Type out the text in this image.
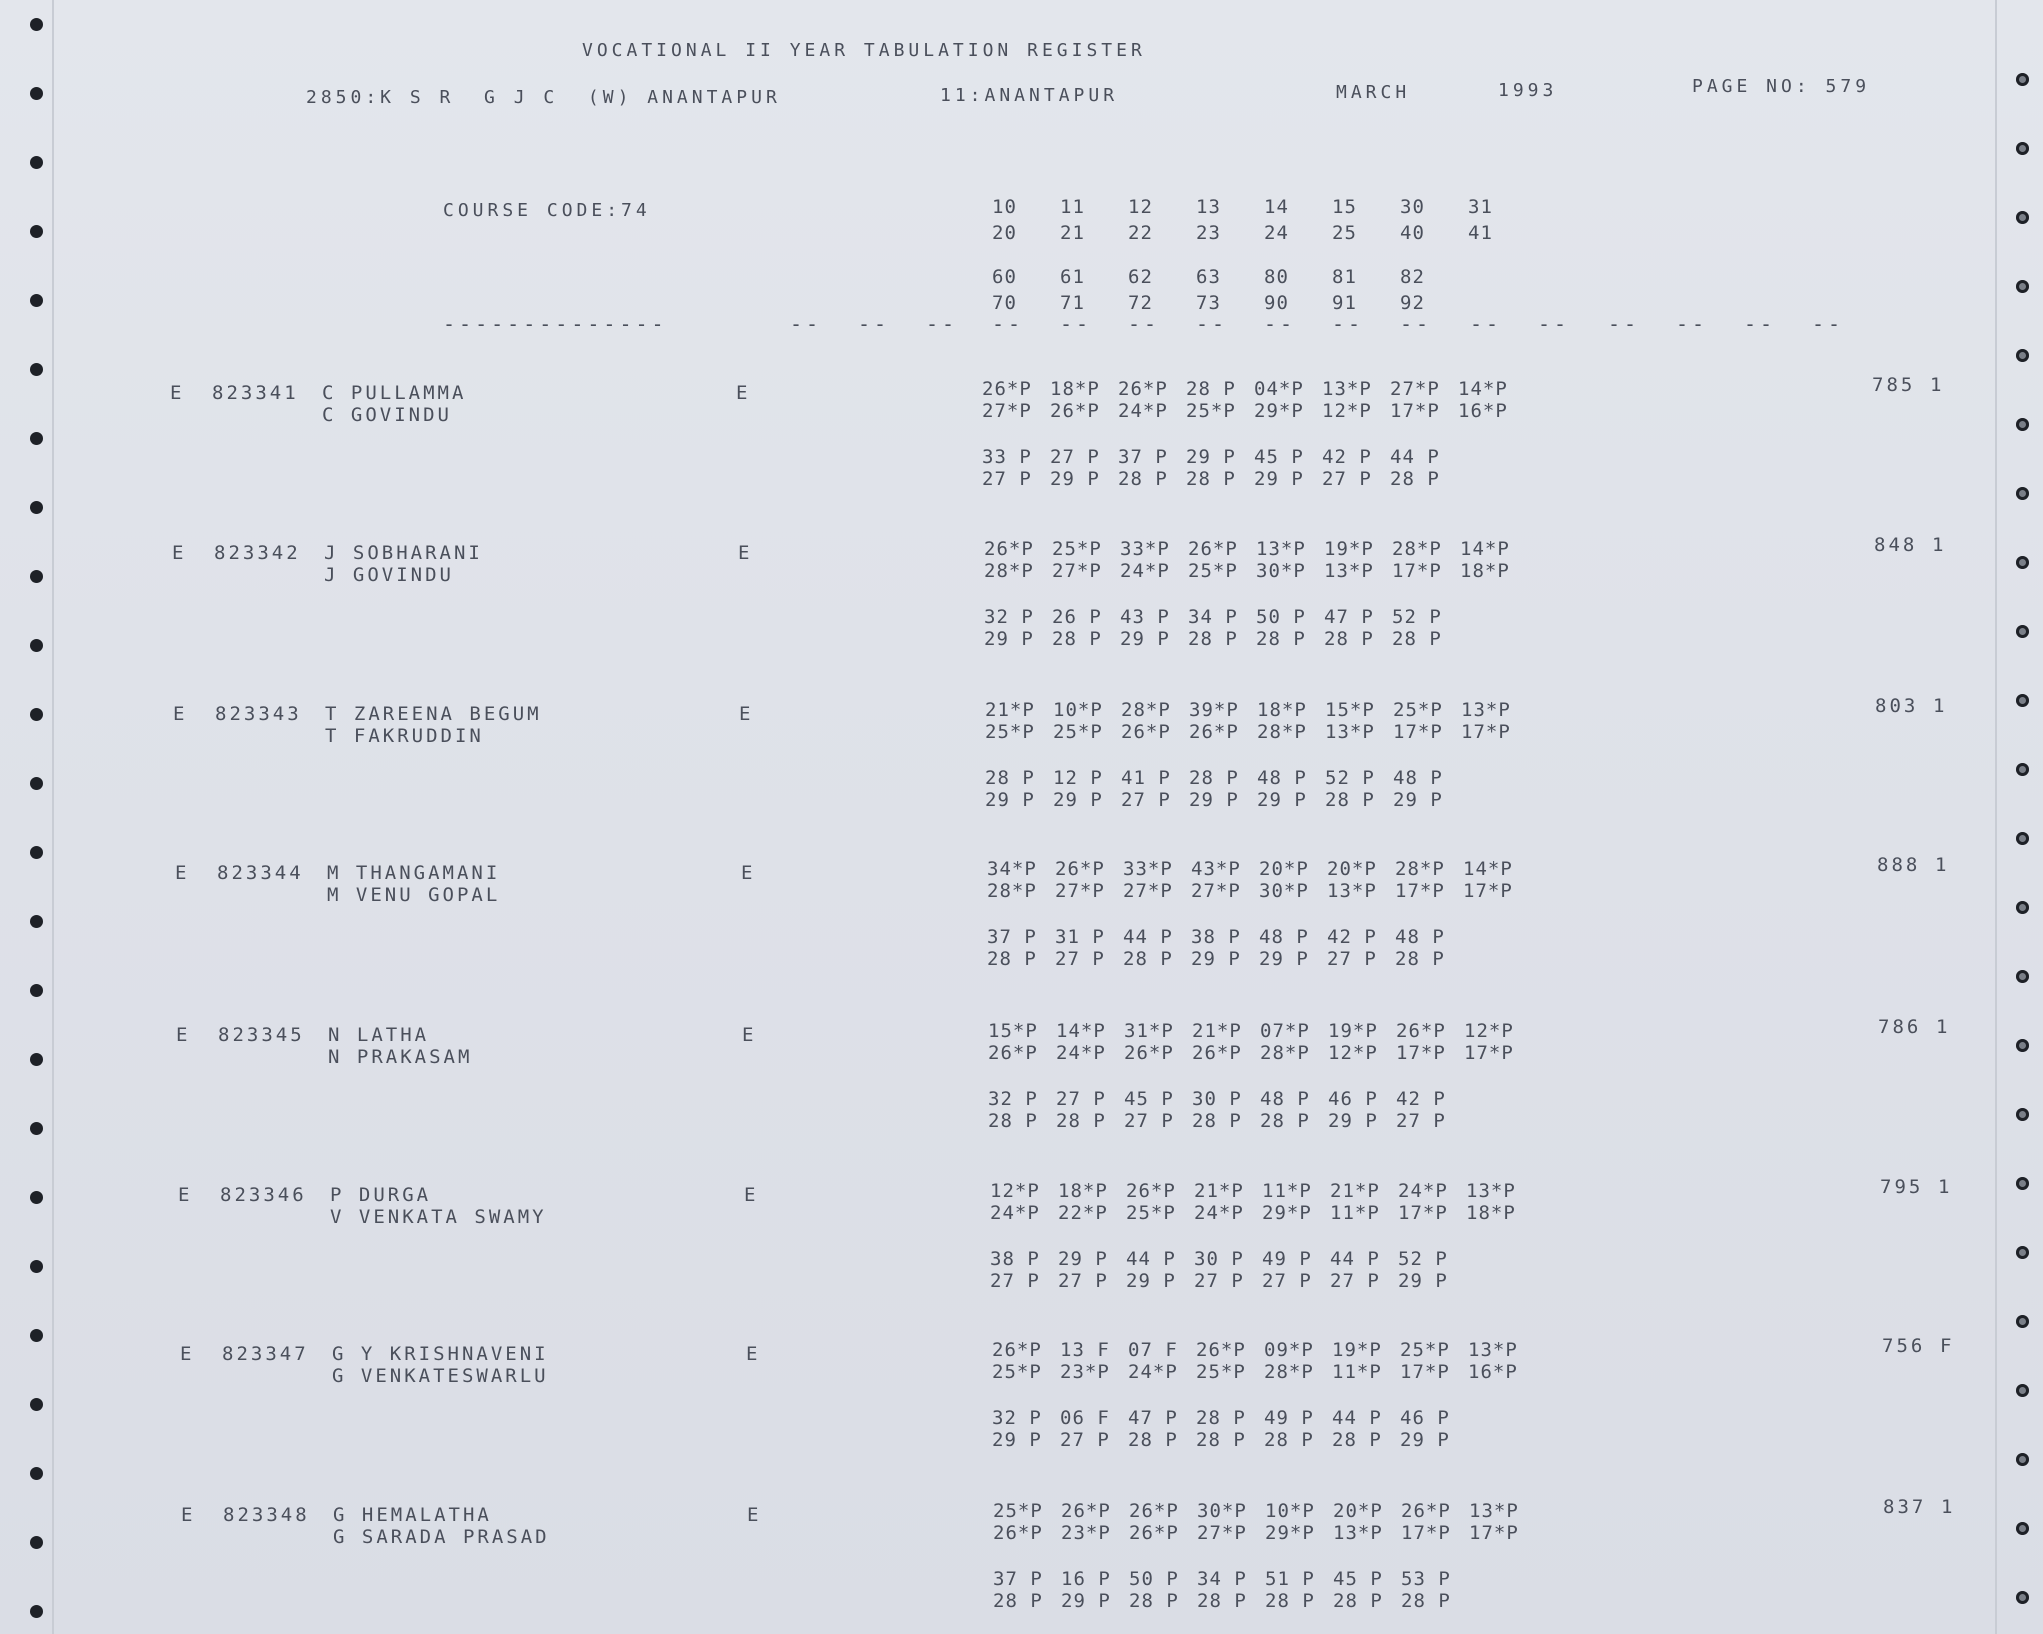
VOCATIONAL II YEAR TABULATION REGISTER
2850:K S R  G J C  (W) ANANTAPUR	11:ANANTAPUR	MARCH	1993	PAGE NO: 579
COURSE CODE:74	10	11	12	13	14	15	30	31
20	21	22	23	24	25	40	41
60	61	62	63	80	81	82
70	71	72	73	90	91	92
--------------	-- -- -- -- -- -- -- -- -- -- -- -- -- -- -- --
E 823341 C PULLAMMA
C GOVINDU
E	26*P 18*P 26*P 28 P 04*P 13*P 27*P 14*P
27*P 26*P 24*P 25*P 29*P 12*P 17*P 16*P
33 P 27 P 37 P 29 P 45 P 42 P 44 P
27 P 29 P 28 P 28 P 29 P 27 P 28 P
785 1
E 823342 J SOBHARANI
J GOVINDU
E	26*P 25*P 33*P 26*P 13*P 19*P 28*P 14*P
28*P 27*P 24*P 25*P 30*P 13*P 17*P 18*P
32 P 26 P 43 P 34 P 50 P 47 P 52 P
29 P 28 P 29 P 28 P 28 P 28 P 28 P
848 1
E 823343 T ZAREENA BEGUM
T FAKRUDDIN
E	21*P 10*P 28*P 39*P 18*P 15*P 25*P 13*P
25*P 25*P 26*P 26*P 28*P 13*P 17*P 17*P
28 P 12 P 41 P 28 P 48 P 52 P 48 P
29 P 29 P 27 P 29 P 29 P 28 P 29 P
803 1
E 823344 M THANGAMANI
M VENU GOPAL
E	34*P 26*P 33*P 43*P 20*P 20*P 28*P 14*P
28*P 27*P 27*P 27*P 30*P 13*P 17*P 17*P
37 P 31 P 44 P 38 P 48 P 42 P 48 P
28 P 27 P 28 P 29 P 29 P 27 P 28 P
888 1
E 823345 N LATHA
N PRAKASAM
E	15*P 14*P 31*P 21*P 07*P 19*P 26*P 12*P
26*P 24*P 26*P 26*P 28*P 12*P 17*P 17*P
32 P 27 P 45 P 30 P 48 P 46 P 42 P
28 P 28 P 27 P 28 P 28 P 29 P 27 P
786 1
E 823346 P DURGA
V VENKATA SWAMY
E	12*P 18*P 26*P 21*P 11*P 21*P 24*P 13*P
24*P 22*P 25*P 24*P 29*P 11*P 17*P 18*P
38 P 29 P 44 P 30 P 49 P 44 P 52 P
27 P 27 P 29 P 27 P 27 P 27 P 29 P
795 1
E 823347 G Y KRISHNAVENI
G VENKATESWARLU
E	26*P 13 F 07 F 26*P 09*P 19*P 25*P 13*P
25*P 23*P 24*P 25*P 28*P 11*P 17*P 16*P
32 P 06 F 47 P 28 P 49 P 44 P 46 P
29 P 27 P 28 P 28 P 28 P 28 P 29 P
756 F
E 823348 G HEMALATHA
G SARADA PRASAD
E	25*P 26*P 26*P 30*P 10*P 20*P 26*P 13*P
26*P 23*P 26*P 27*P 29*P 13*P 17*P 17*P
37 P 16 P 50 P 34 P 51 P 45 P 53 P
28 P 29 P 28 P 28 P 28 P 28 P 28 P
837 1
